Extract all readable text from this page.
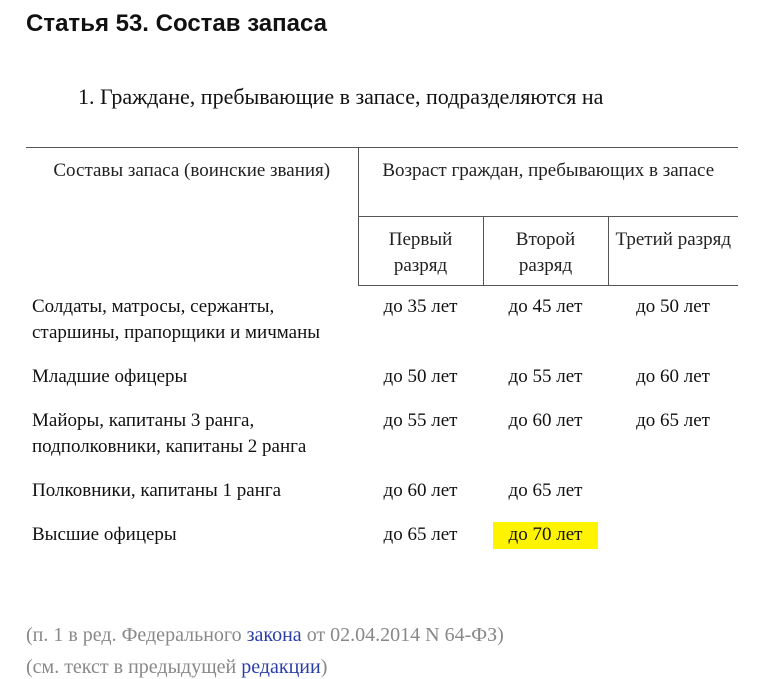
Статья 53. Состав запаса
1. Граждане, пребывающие в запасе, подразделяются на
Составы запаса (воинские звания)	Возраст граждан, пребывающих в запасе		
	Первый разряд	Второй разряд	Третий разряд
Солдаты, матросы, сержанты, старшины, прапорщики и мичманы	до 35 лет	до 45 лет	до 50 лет
Младшие офицеры	до 50 лет	до 55 лет	до 60 лет
Майоры, капитаны 3 ранга, подполковники, капитаны 2 ранга	до 55 лет	до 60 лет	до 65 лет
Полковники, капитаны 1 ранга	до 60 лет	до 65 лет	
Высшие офицеры	до 65 лет	до 70 лет	
(п. 1 в ред. Федерального закона от 02.04.2014 N 64-ФЗ)
(см. текст в предыдущей редакции)
